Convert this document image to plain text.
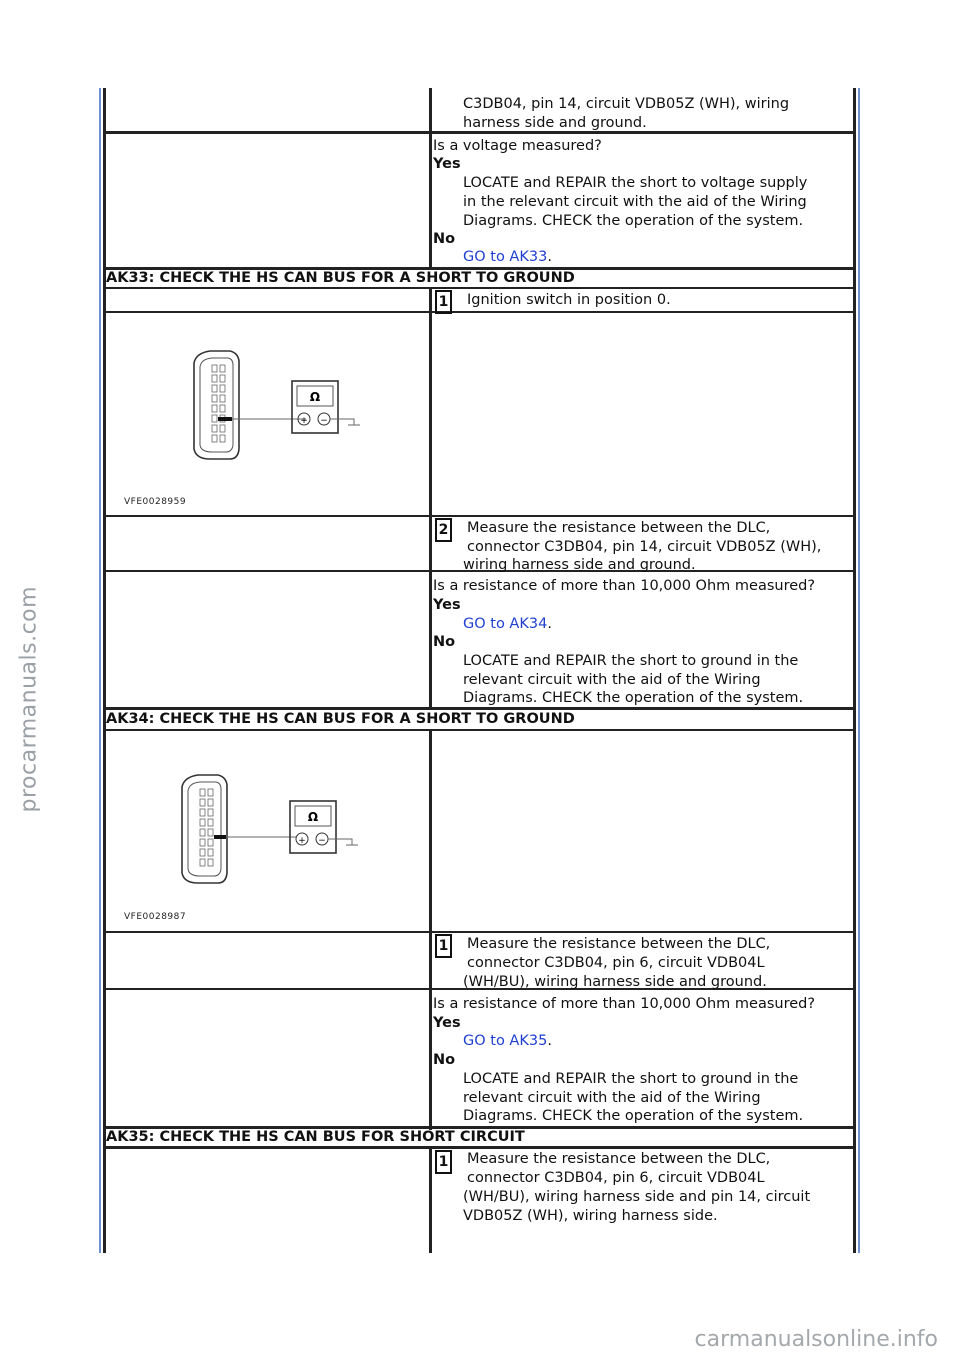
procarmanuals.com
carmanualsonline.info
C3DB04, pin 14, circuit VDB05Z (WH), wiring
harness side and ground.
Is a voltage measured?
Yes
LOCATE and REPAIR the short to voltage supply
in the relevant circuit with the aid of the Wiring
Diagrams. CHECK the operation of the system.
No
GO to AK33.
AK33: CHECK THE HS CAN BUS FOR A SHORT TO GROUND
1 Ignition switch in position 0.
Ω
+ −
VFE0028959
2 Measure the resistance between the DLC,
connector C3DB04, pin 14, circuit VDB05Z (WH),
wiring harness side and ground.
Is a resistance of more than 10,000 Ohm measured?
Yes
GO to AK34.
No
LOCATE and REPAIR the short to ground in the
relevant circuit with the aid of the Wiring
Diagrams. CHECK the operation of the system.
AK34: CHECK THE HS CAN BUS FOR A SHORT TO GROUND
Ω
+ −
VFE0028987
1 Measure the resistance between the DLC,
connector C3DB04, pin 6, circuit VDB04L
(WH/BU), wiring harness side and ground.
Is a resistance of more than 10,000 Ohm measured?
Yes
GO to AK35.
No
LOCATE and REPAIR the short to ground in the
relevant circuit with the aid of the Wiring
Diagrams. CHECK the operation of the system.
AK35: CHECK THE HS CAN BUS FOR SHORT CIRCUIT
1 Measure the resistance between the DLC,
connector C3DB04, pin 6, circuit VDB04L
(WH/BU), wiring harness side and pin 14, circuit
VDB05Z (WH), wiring harness side.
